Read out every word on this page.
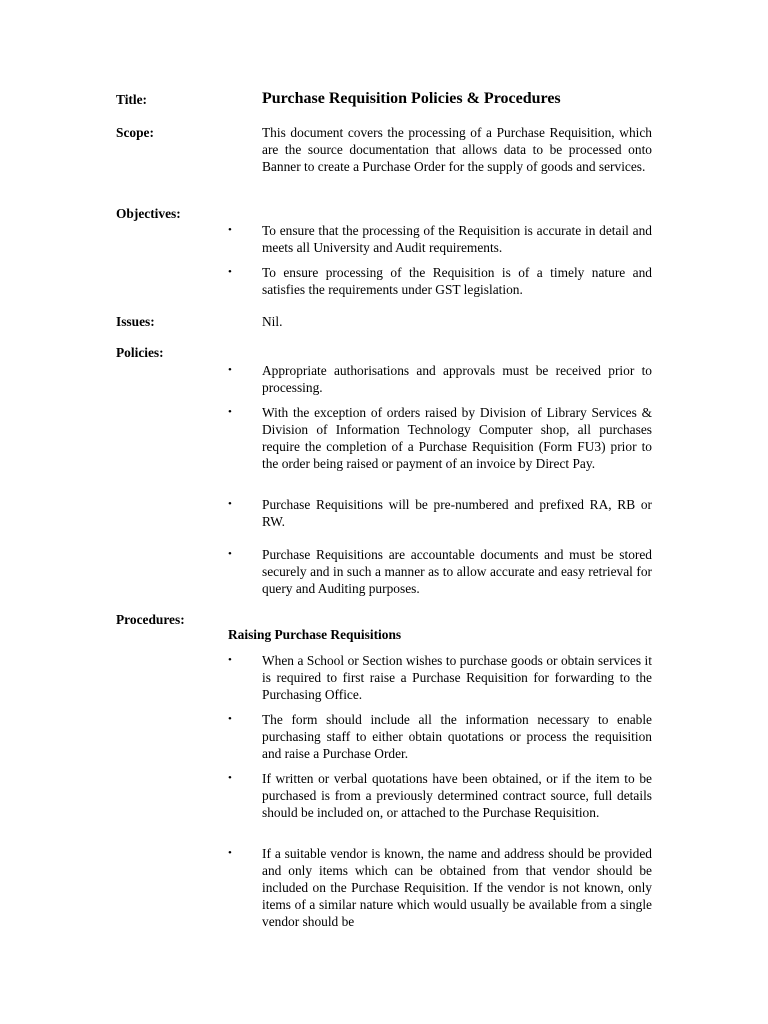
Title:	Purchase Requisition Policies & Procedures
Scope:	This document covers the processing of a Purchase Requisition, which are the source documentation that allows data to be processed onto Banner to create a Purchase Order for the supply of goods and services.
Objectives:
• To ensure that the processing of the Requisition is accurate in detail and meets all University and Audit requirements.
• To ensure processing of the Requisition is of a timely nature and satisfies the requirements under GST legislation.
Issues:	Nil.
Policies:
• Appropriate authorisations and approvals must be received prior to processing.
• With the exception of orders raised by Division of Library Services & Division of Information Technology Computer shop, all purchases require the completion of a Purchase Requisition (Form FU3) prior to the order being raised or payment of an invoice by Direct Pay.
• Purchase Requisitions will be pre-numbered and prefixed RA, RB or RW.
• Purchase Requisitions are accountable documents and must be stored securely and in such a manner as to allow accurate and easy retrieval for query and Auditing purposes.
Procedures:
Raising Purchase Requisitions
• When a School or Section wishes to purchase goods or obtain services it is required to first raise a Purchase Requisition for forwarding to the Purchasing Office.
• The form should include all the information necessary to enable purchasing staff to either obtain quotations or process the requisition and raise a Purchase Order.
• If written or verbal quotations have been obtained, or if the item to be purchased is from a previously determined contract source, full details should be included on, or attached to the Purchase Requisition.
• If a suitable vendor is known, the name and address should be provided and only items which can be obtained from that vendor should be included on the Purchase Requisition. If the vendor is not known, only items of a similar nature which would usually be available from a single vendor should be
